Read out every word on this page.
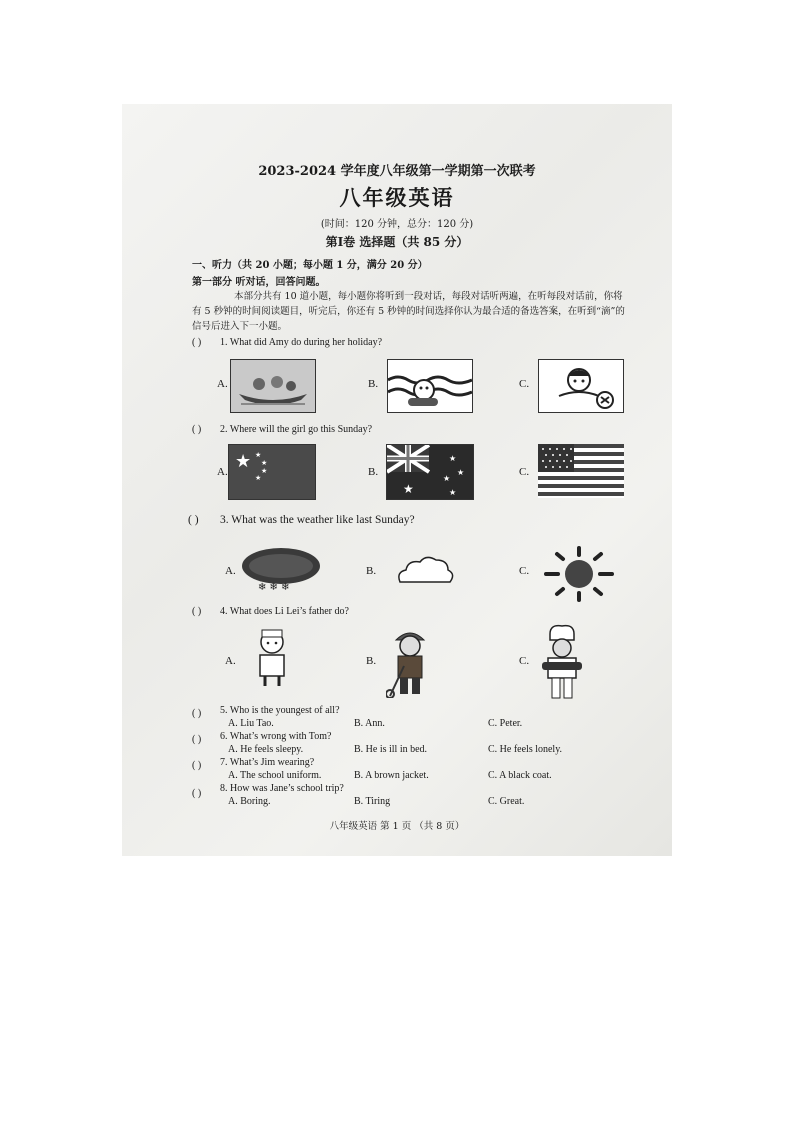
2023-2024 学年度八年级第一学期第一次联考
八年级英语
(时间：120 分钟，总分：120 分)
第Ⅰ卷 选择题（共 85 分）
一、听力（共 20 小题；每小题 1 分，满分 20 分）
第一部分 听对话，回答问题。
本部分共有 10 道小题，每小题你将听到一段对话，每段对话听两遍，在听每段对话前，你将有 5 秒钟的时间阅读题目，听完后，你还有 5 秒钟的时间选择你认为最合适的备选答案，在听到“滴”的信号后进入下一小题。
( ) 1. What did Amy do during her holiday?
A.	B.	C.
( ) 2. Where will the girl go this Sunday?
A. ★ ★
★
★
★	B.
★
★
★
★
★
C.
( ) 3. What was the weather like last Sunday?
A.
❄ ❄ ❄
B.	C.
( ) 4. What does Li Lei’s father do?
A.	B.	C.
( ) 5. Who is the youngest of all?
A. Liu Tao.	B. Ann.	C. Peter.
( ) 6. What’s wrong with Tom?
A. He feels sleepy.	B. He is ill in bed.	C. He feels lonely.
( ) 7. What’s Jim wearing?
A. The school uniform.	B. A brown jacket.	C. A black coat.
( ) 8. How was Jane’s school trip?
A. Boring.	B. Tiring	C. Great.
八年级英语 第 1 页 （共 8 页）
